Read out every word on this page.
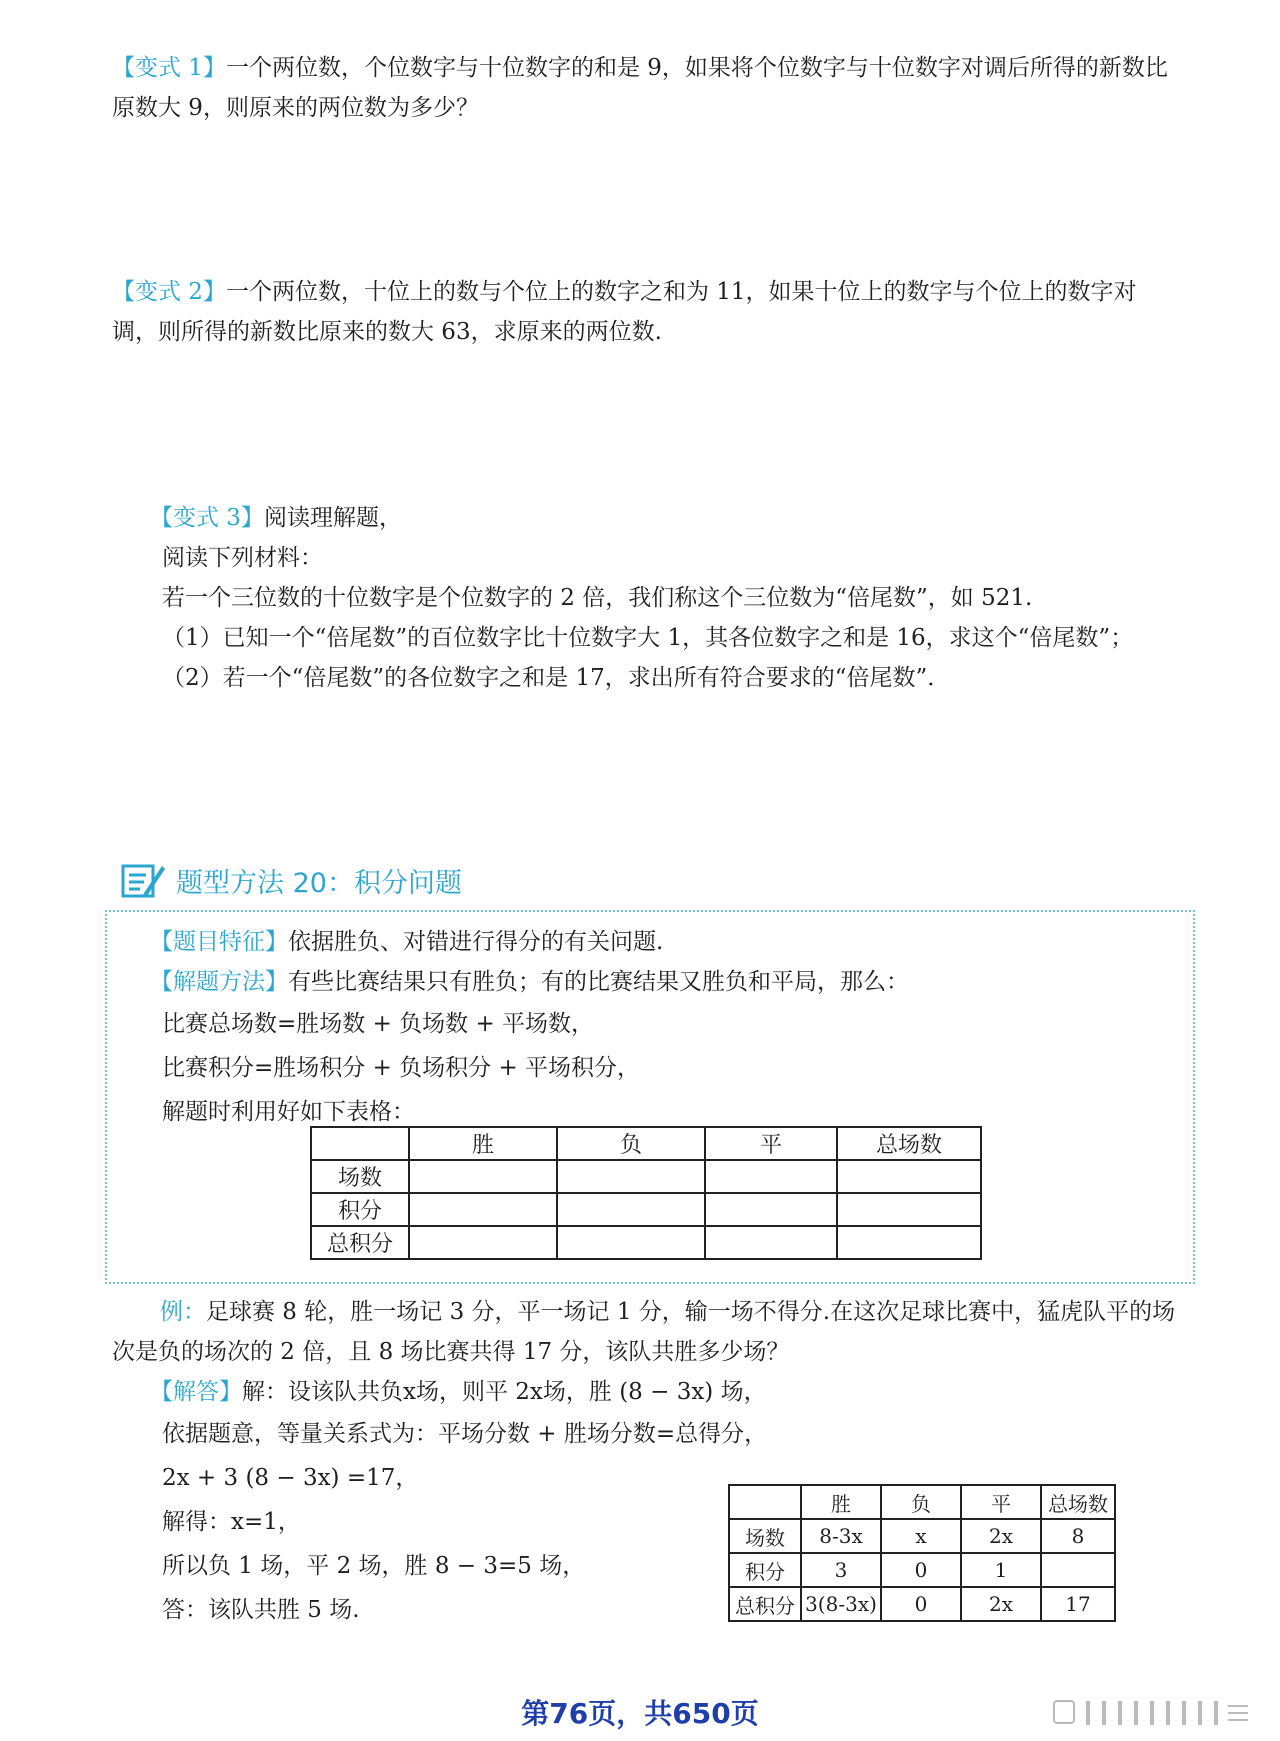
【变式 1】一个两位数，个位数字与十位数字的和是 9，如果将个位数字与十位数字对调后所得的新数比原数大 9，则原来的两位数为多少？
【变式 2】一个两位数，十位上的数与个位上的数字之和为 11，如果十位上的数字与个位上的数字对调，则所得的新数比原来的数大 63，求原来的两位数.
【变式 3】阅读理解题，
阅读下列材料：
若一个三位数的十位数字是个位数字的 2 倍，我们称这个三位数为“倍尾数”，如 521.
（1）已知一个“倍尾数”的百位数字比十位数字大 1，其各位数字之和是 16，求这个“倍尾数”；
（2）若一个“倍尾数”的各位数字之和是 17，求出所有符合要求的“倍尾数”．
题型方法 20：积分问题
【题目特征】依据胜负、对错进行得分的有关问题.
【解题方法】有些比赛结果只有胜负；有的比赛结果又胜负和平局，那么：
比赛总场数=胜场数 + 负场数 + 平场数，
比赛积分=胜场积分 + 负场积分 + 平场积分，
解题时利用好如下表格：
	胜	负	平	总场数
场数				
积分				
总积分				
例：足球赛 8 轮，胜一场记 3 分，平一场记 1 分，输一场不得分.在这次足球比赛中，猛虎队平的场次是负的场次的 2 倍，且 8 场比赛共得 17 分，该队共胜多少场？
【解答】解：设该队共负x场，则平 2x场，胜 (8 − 3x) 场，
依据题意，等量关系式为：平场分数 + 胜场分数=总得分，
2x + 3 (8 − 3x) =17，
解得：x=1，
所以负 1 场，平 2 场，胜 8 − 3=5 场，
答：该队共胜 5 场.
	胜	负	平	总场数
场数	8-3x	x	2x	8
积分	3	0	1	
总积分	3(8-3x)	0	2x	17
第76页，共650页
